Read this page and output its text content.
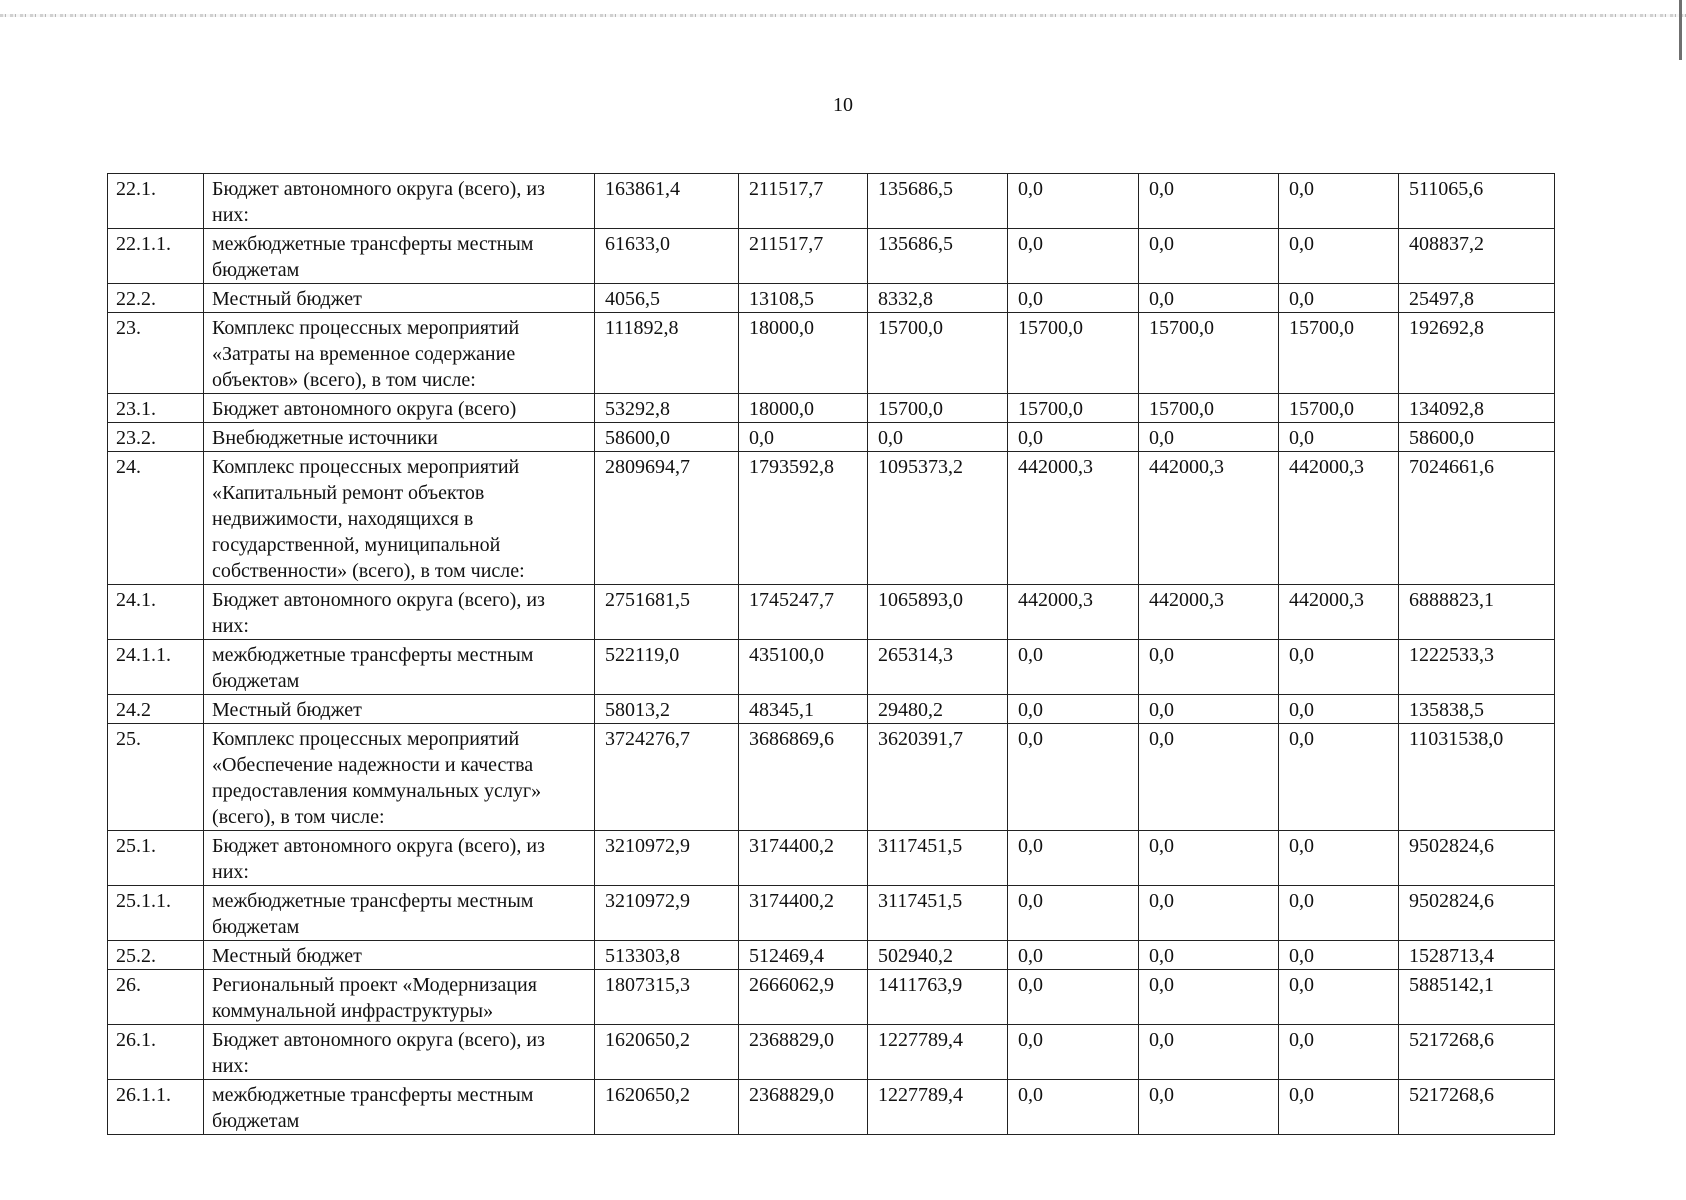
10
22.1.	Бюджет автономного округа (всего), из них:	163861,4	211517,7	135686,5	0,0	0,0	0,0	511065,6
22.1.1.	межбюджетные трансферты местным бюджетам	61633,0	211517,7	135686,5	0,0	0,0	0,0	408837,2
22.2.	Местный бюджет	4056,5	13108,5	8332,8	0,0	0,0	0,0	25497,8
23.	Комплекс процессных мероприятий «Затраты на временное содержание объектов» (всего), в том числе:	111892,8	18000,0	15700,0	15700,0	15700,0	15700,0	192692,8
23.1.	Бюджет автономного округа (всего)	53292,8	18000,0	15700,0	15700,0	15700,0	15700,0	134092,8
23.2.	Внебюджетные источники	58600,0	0,0	0,0	0,0	0,0	0,0	58600,0
24.	Комплекс процессных мероприятий «Капитальный ремонт объектов недвижимости, находящихся в государственной, муниципальной собственности» (всего), в том числе:	2809694,7	1793592,8	1095373,2	442000,3	442000,3	442000,3	7024661,6
24.1.	Бюджет автономного округа (всего), из них:	2751681,5	1745247,7	1065893,0	442000,3	442000,3	442000,3	6888823,1
24.1.1.	межбюджетные трансферты местным бюджетам	522119,0	435100,0	265314,3	0,0	0,0	0,0	1222533,3
24.2	Местный бюджет	58013,2	48345,1	29480,2	0,0	0,0	0,0	135838,5
25.	Комплекс процессных мероприятий «Обеспечение надежности и качества предоставления коммунальных услуг» (всего), в том числе:	3724276,7	3686869,6	3620391,7	0,0	0,0	0,0	11031538,0
25.1.	Бюджет автономного округа (всего), из них:	3210972,9	3174400,2	3117451,5	0,0	0,0	0,0	9502824,6
25.1.1.	межбюджетные трансферты местным бюджетам	3210972,9	3174400,2	3117451,5	0,0	0,0	0,0	9502824,6
25.2.	Местный бюджет	513303,8	512469,4	502940,2	0,0	0,0	0,0	1528713,4
26.	Региональный проект «Модернизация коммунальной инфраструктуры»	1807315,3	2666062,9	1411763,9	0,0	0,0	0,0	5885142,1
26.1.	Бюджет автономного округа (всего), из них:	1620650,2	2368829,0	1227789,4	0,0	0,0	0,0	5217268,6
26.1.1.	межбюджетные трансферты местным бюджетам	1620650,2	2368829,0	1227789,4	0,0	0,0	0,0	5217268,6
